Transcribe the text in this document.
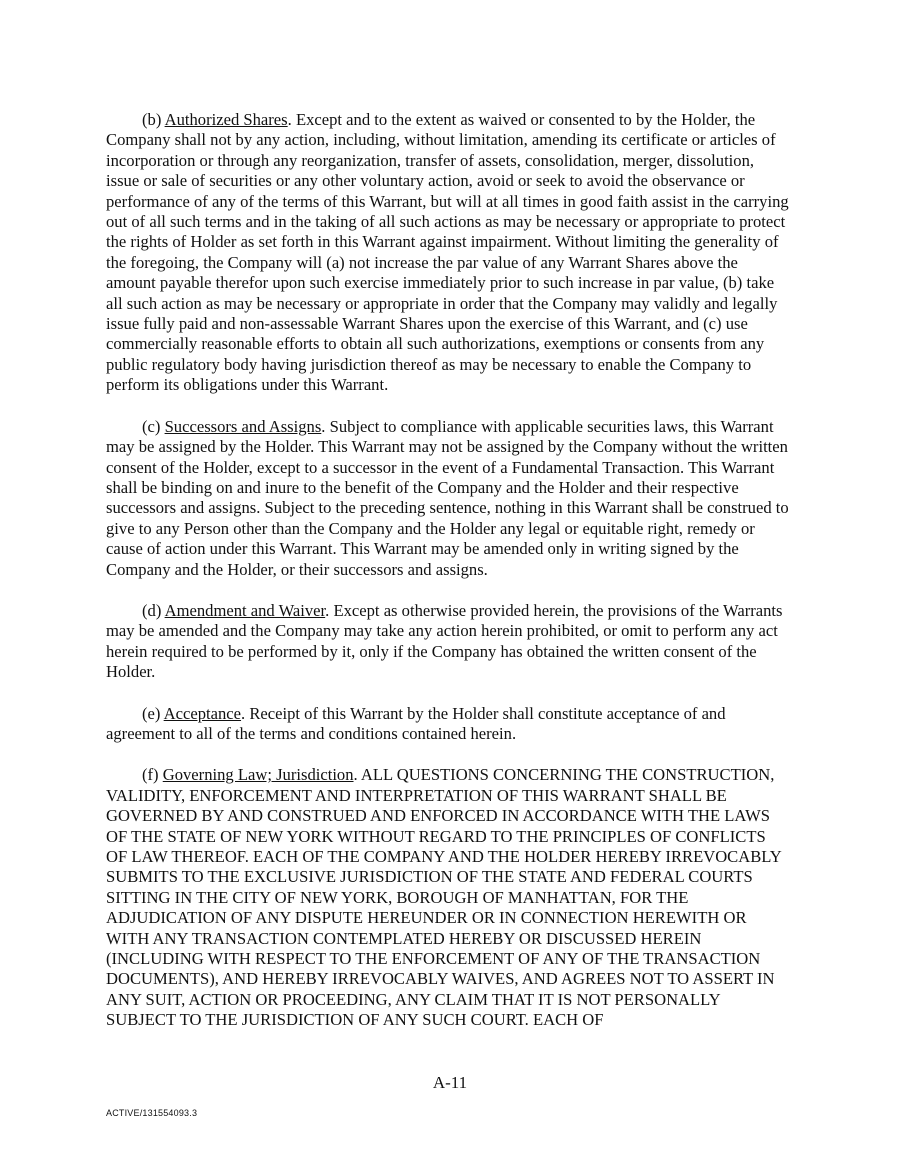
(b) Authorized Shares. Except and to the extent as waived or consented to by the Holder, the Company shall not by any action, including, without limitation, amending its certificate or articles of incorporation or through any reorganization, transfer of assets, consolidation, merger, dissolution, issue or sale of securities or any other voluntary action, avoid or seek to avoid the observance or performance of any of the terms of this Warrant, but will at all times in good faith assist in the carrying out of all such terms and in the taking of all such actions as may be necessary or appropriate to protect the rights of Holder as set forth in this Warrant against impairment. Without limiting the generality of the foregoing, the Company will (a) not increase the par value of any Warrant Shares above the amount payable therefor upon such exercise immediately prior to such increase in par value, (b) take all such action as may be necessary or appropriate in order that the Company may validly and legally issue fully paid and non-assessable Warrant Shares upon the exercise of this Warrant, and (c) use commercially reasonable efforts to obtain all such authorizations, exemptions or consents from any public regulatory body having jurisdiction thereof as may be necessary to enable the Company to perform its obligations under this Warrant.

(c) Successors and Assigns. Subject to compliance with applicable securities laws, this Warrant may be assigned by the Holder. This Warrant may not be assigned by the Company without the written consent of the Holder, except to a successor in the event of a Fundamental Transaction. This Warrant shall be binding on and inure to the benefit of the Company and the Holder and their respective successors and assigns. Subject to the preceding sentence, nothing in this Warrant shall be construed to give to any Person other than the Company and the Holder any legal or equitable right, remedy or cause of action under this Warrant. This Warrant may be amended only in writing signed by the Company and the Holder, or their successors and assigns.

(d) Amendment and Waiver. Except as otherwise provided herein, the provisions of the Warrants may be amended and the Company may take any action herein prohibited, or omit to perform any act herein required to be performed by it, only if the Company has obtained the written consent of the Holder.

(e) Acceptance. Receipt of this Warrant by the Holder shall constitute acceptance of and agreement to all of the terms and conditions contained herein.

(f) Governing Law; Jurisdiction. ALL QUESTIONS CONCERNING THE CONSTRUCTION, VALIDITY, ENFORCEMENT AND INTERPRETATION OF THIS WARRANT SHALL BE GOVERNED BY AND CONSTRUED AND ENFORCED IN ACCORDANCE WITH THE LAWS OF THE STATE OF NEW YORK WITHOUT REGARD TO THE PRINCIPLES OF CONFLICTS OF LAW THEREOF. EACH OF THE COMPANY AND THE HOLDER HEREBY IRREVOCABLY SUBMITS TO THE EXCLUSIVE JURISDICTION OF THE STATE AND FEDERAL COURTS SITTING IN THE CITY OF NEW YORK, BOROUGH OF MANHATTAN, FOR THE ADJUDICATION OF ANY DISPUTE HEREUNDER OR IN CONNECTION HEREWITH OR WITH ANY TRANSACTION CONTEMPLATED HEREBY OR DISCUSSED HEREIN (INCLUDING WITH RESPECT TO THE ENFORCEMENT OF ANY OF THE TRANSACTION DOCUMENTS), AND HEREBY IRREVOCABLY WAIVES, AND AGREES NOT TO ASSERT IN ANY SUIT, ACTION OR PROCEEDING, ANY CLAIM THAT IT IS NOT PERSONALLY SUBJECT TO THE JURISDICTION OF ANY SUCH COURT. EACH OF

A-11
ACTIVE/131554093.3
